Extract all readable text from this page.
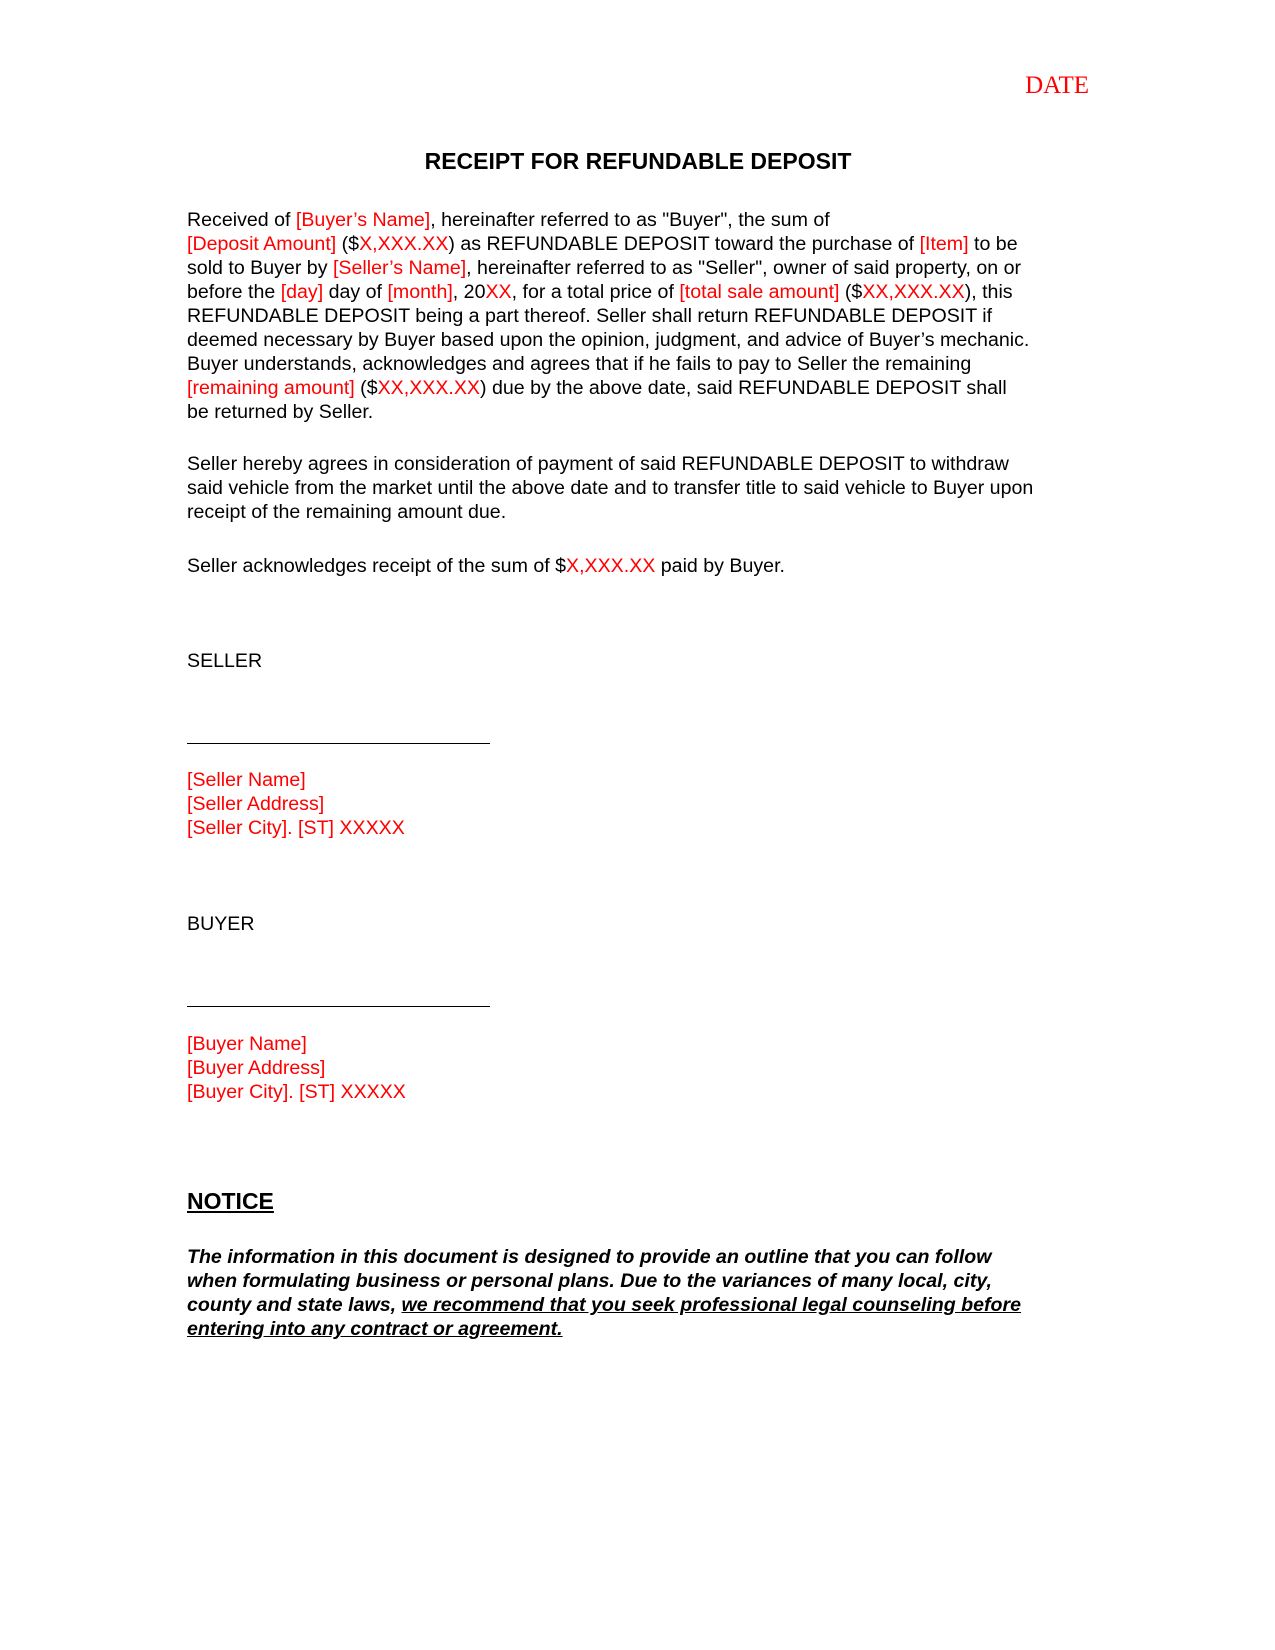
DATE
RECEIPT FOR REFUNDABLE DEPOSIT
Received of [Buyer’s Name], hereinafter referred to as "Buyer", the sum of
[Deposit Amount] ($X,XXX.XX) as REFUNDABLE DEPOSIT toward the purchase of [Item] to be
sold to Buyer by [Seller’s Name], hereinafter referred to as "Seller", owner of said property, on or
before the [day] day of [month], 20XX, for a total price of [total sale amount] ($XX,XXX.XX), this
REFUNDABLE DEPOSIT being a part thereof. Seller shall return REFUNDABLE DEPOSIT if
deemed necessary by Buyer based upon the opinion, judgment, and advice of Buyer’s mechanic.
Buyer understands, acknowledges and agrees that if he fails to pay to Seller the remaining
[remaining amount] ($XX,XXX.XX) due by the above date, said REFUNDABLE DEPOSIT shall
be returned by Seller.
Seller hereby agrees in consideration of payment of said REFUNDABLE DEPOSIT to withdraw
said vehicle from the market until the above date and to transfer title to said vehicle to Buyer upon
receipt of the remaining amount due.
Seller acknowledges receipt of the sum of $X,XXX.XX paid by Buyer.
SELLER
[Seller Name]
[Seller Address]
[Seller City]. [ST] XXXXX
BUYER
[Buyer Name]
[Buyer Address]
[Buyer City]. [ST] XXXXX
NOTICE
The information in this document is designed to provide an outline that you can follow
when formulating business or personal plans. Due to the variances of many local, city,
county and state laws, we recommend that you seek professional legal counseling before
entering into any contract or agreement.
